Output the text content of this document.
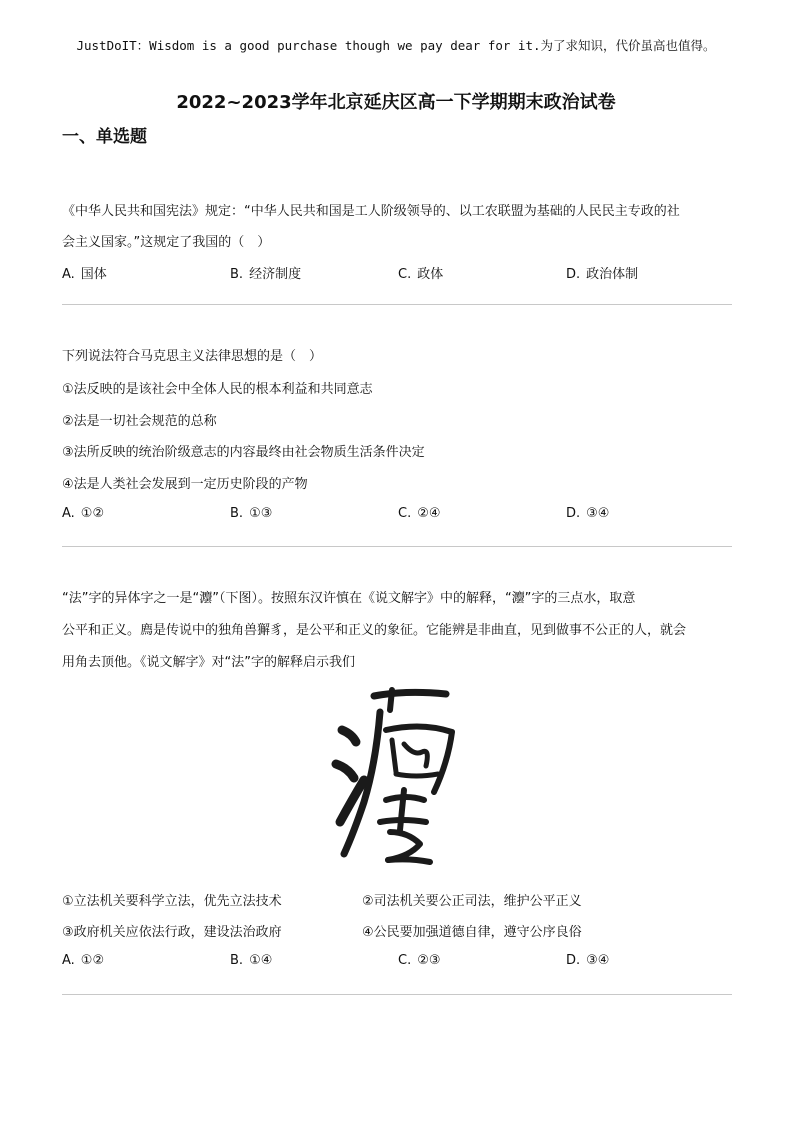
JustDoIT：Wisdom is a good purchase though we pay dear for it.为了求知识，代价虽高也值得。
2022~2023学年北京延庆区高一下学期期末政治试卷
一、单选题
《中华人民共和国宪法》规定：“中华人民共和国是工人阶级领导的、以工农联盟为基础的人民民主专政的社
会主义国家。”这规定了我国的（　）
A. 国体	B. 经济制度	C. 政体	D. 政治体制
下列说法符合马克思主义法律思想的是（　）
①法反映的是该社会中全体人民的根本利益和共同意志
②法是一切社会规范的总称
③法所反映的统治阶级意志的内容最终由社会物质生活条件决定
④法是人类社会发展到一定历史阶段的产物
A. ①②	B. ①③	C. ②④	D. ③④
“法”字的异体字之一是“灋”（下图）。按照东汉许慎在《说文解字》中的解释，“灋”字的三点水，取意
公平和正义。廌是传说中的独角兽獬豸，是公平和正义的象征。它能辨是非曲直，见到做事不公正的人，就会
用角去顶他。《说文解字》对“法”字的解释启示我们
①立法机关要科学立法，优先立法技术	②司法机关要公正司法，维护公平正义
③政府机关应依法行政，建设法治政府	④公民要加强道德自律，遵守公序良俗
A. ①②	B. ①④	C. ②③	D. ③④
